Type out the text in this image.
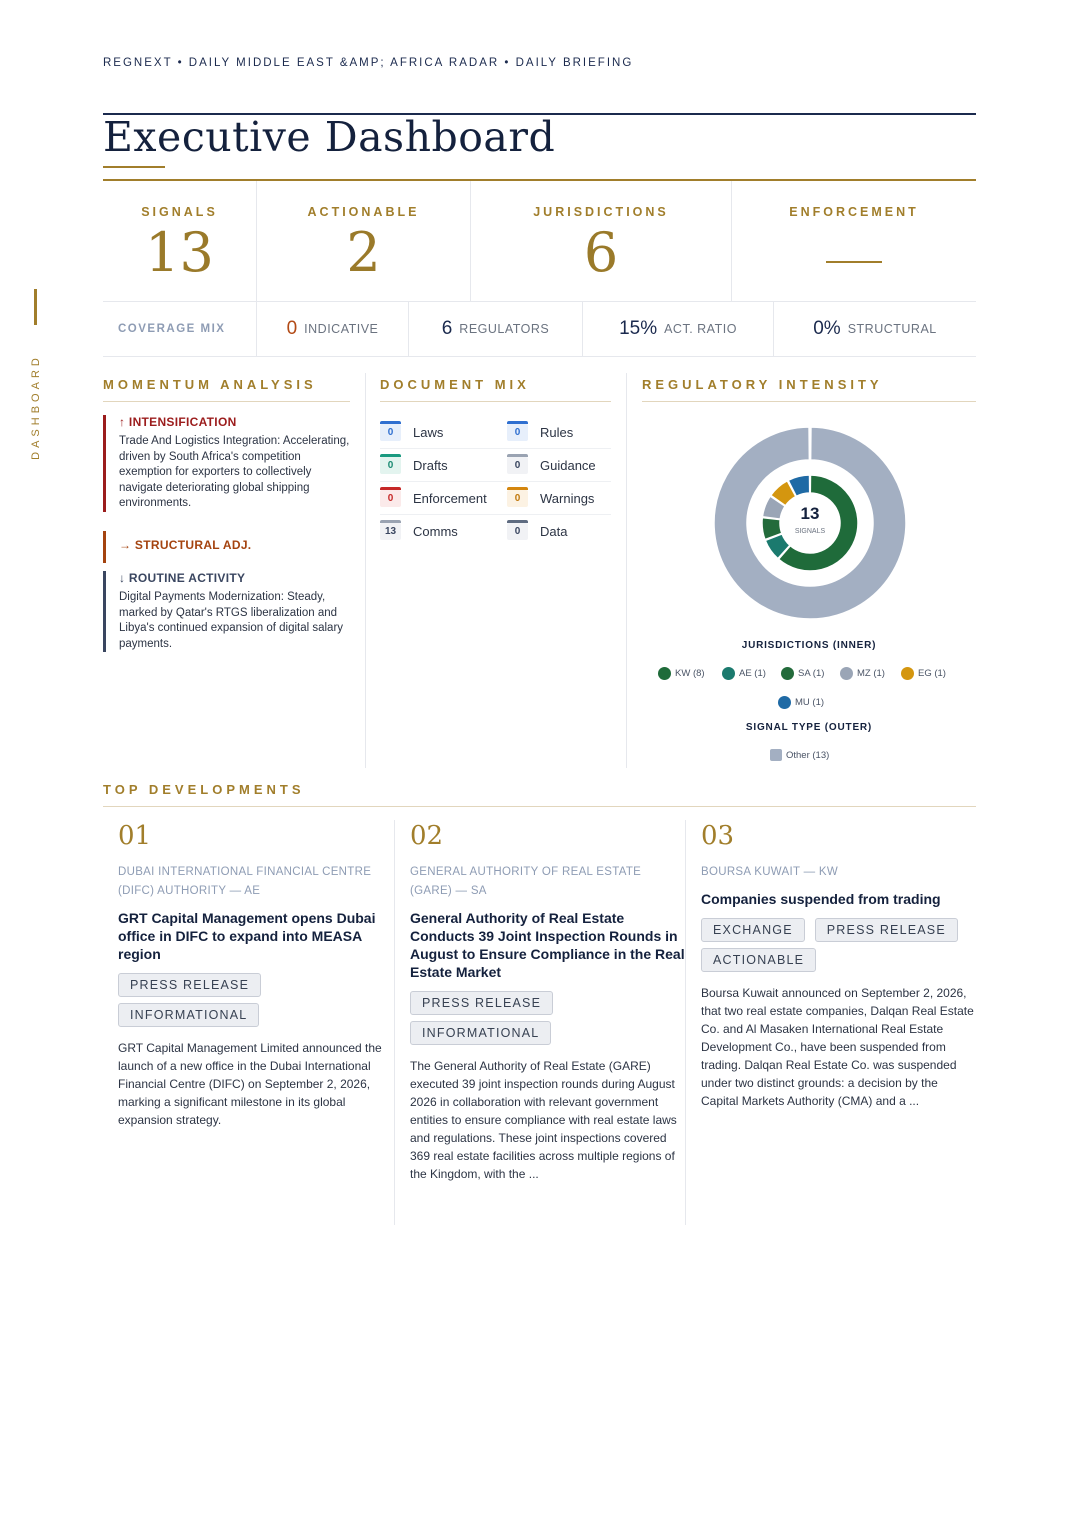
REGNEXT • DAILY MIDDLE EAST &AMP; AFRICA RADAR • DAILY BRIEFING
DASHBOARD
Executive Dashboard
SIGNALS
13
ACTIONABLE
2
JURISDICTIONS
6
ENFORCEMENT
COVERAGE MIX	0 INDICATIVE	6 REGULATORS	15% ACT. RATIO	0% STRUCTURAL
MOMENTUM ANALYSIS	DOCUMENT MIX	REGULATORY INTENSITY
↑ INTENSIFICATION
Trade And Logistics Integration: Accelerating, driven by South Africa's competition exemption for exporters to collectively navigate deteriorating global shipping environments.
→ STRUCTURAL ADJ.
↓ ROUTINE ACTIVITY
Digital Payments Modernization: Steady, marked by Qatar's RTGS liberalization and Libya's continued expansion of digital salary payments.
0	Laws	0	Rules
0	Drafts	0	Guidance
0	Enforcement	0	Warnings
13	Comms	0	Data
13
SIGNALS
JURISDICTIONS (INNER)
KW (8)	AE (1)	SA (1)	MZ (1)	EG (1)
MU (1)
SIGNAL TYPE (OUTER)
Other (13)
TOP DEVELOPMENTS
01
DUBAI INTERNATIONAL FINANCIAL CENTRE (DIFC) AUTHORITY — AE
GRT Capital Management opens Dubai office in DIFC to expand into MEASA region
PRESS RELEASE
INFORMATIONAL
GRT Capital Management Limited announced the launch of a new office in the Dubai International Financial Centre (DIFC) on September 2, 2026, marking a significant milestone in its global expansion strategy.
02
GENERAL AUTHORITY OF REAL ESTATE (GARE) — SA
General Authority of Real Estate Conducts 39 Joint Inspection Rounds in August to Ensure Compliance in the Real Estate Market
PRESS RELEASE
INFORMATIONAL
The General Authority of Real Estate (GARE) executed 39 joint inspection rounds during August 2026 in collaboration with relevant government entities to ensure compliance with real estate laws and regulations. These joint inspections covered 369 real estate facilities across multiple regions of the Kingdom, with the ...
03
BOURSA KUWAIT — KW
Companies suspended from trading
EXCHANGE	PRESS RELEASE
ACTIONABLE
Boursa Kuwait announced on September 2, 2026, that two real estate companies, Dalqan Real Estate Co. and Al Masaken International Real Estate Development Co., have been suspended from trading. Dalqan Real Estate Co. was suspended under two distinct grounds: a decision by the Capital Markets Authority (CMA) and a ...
